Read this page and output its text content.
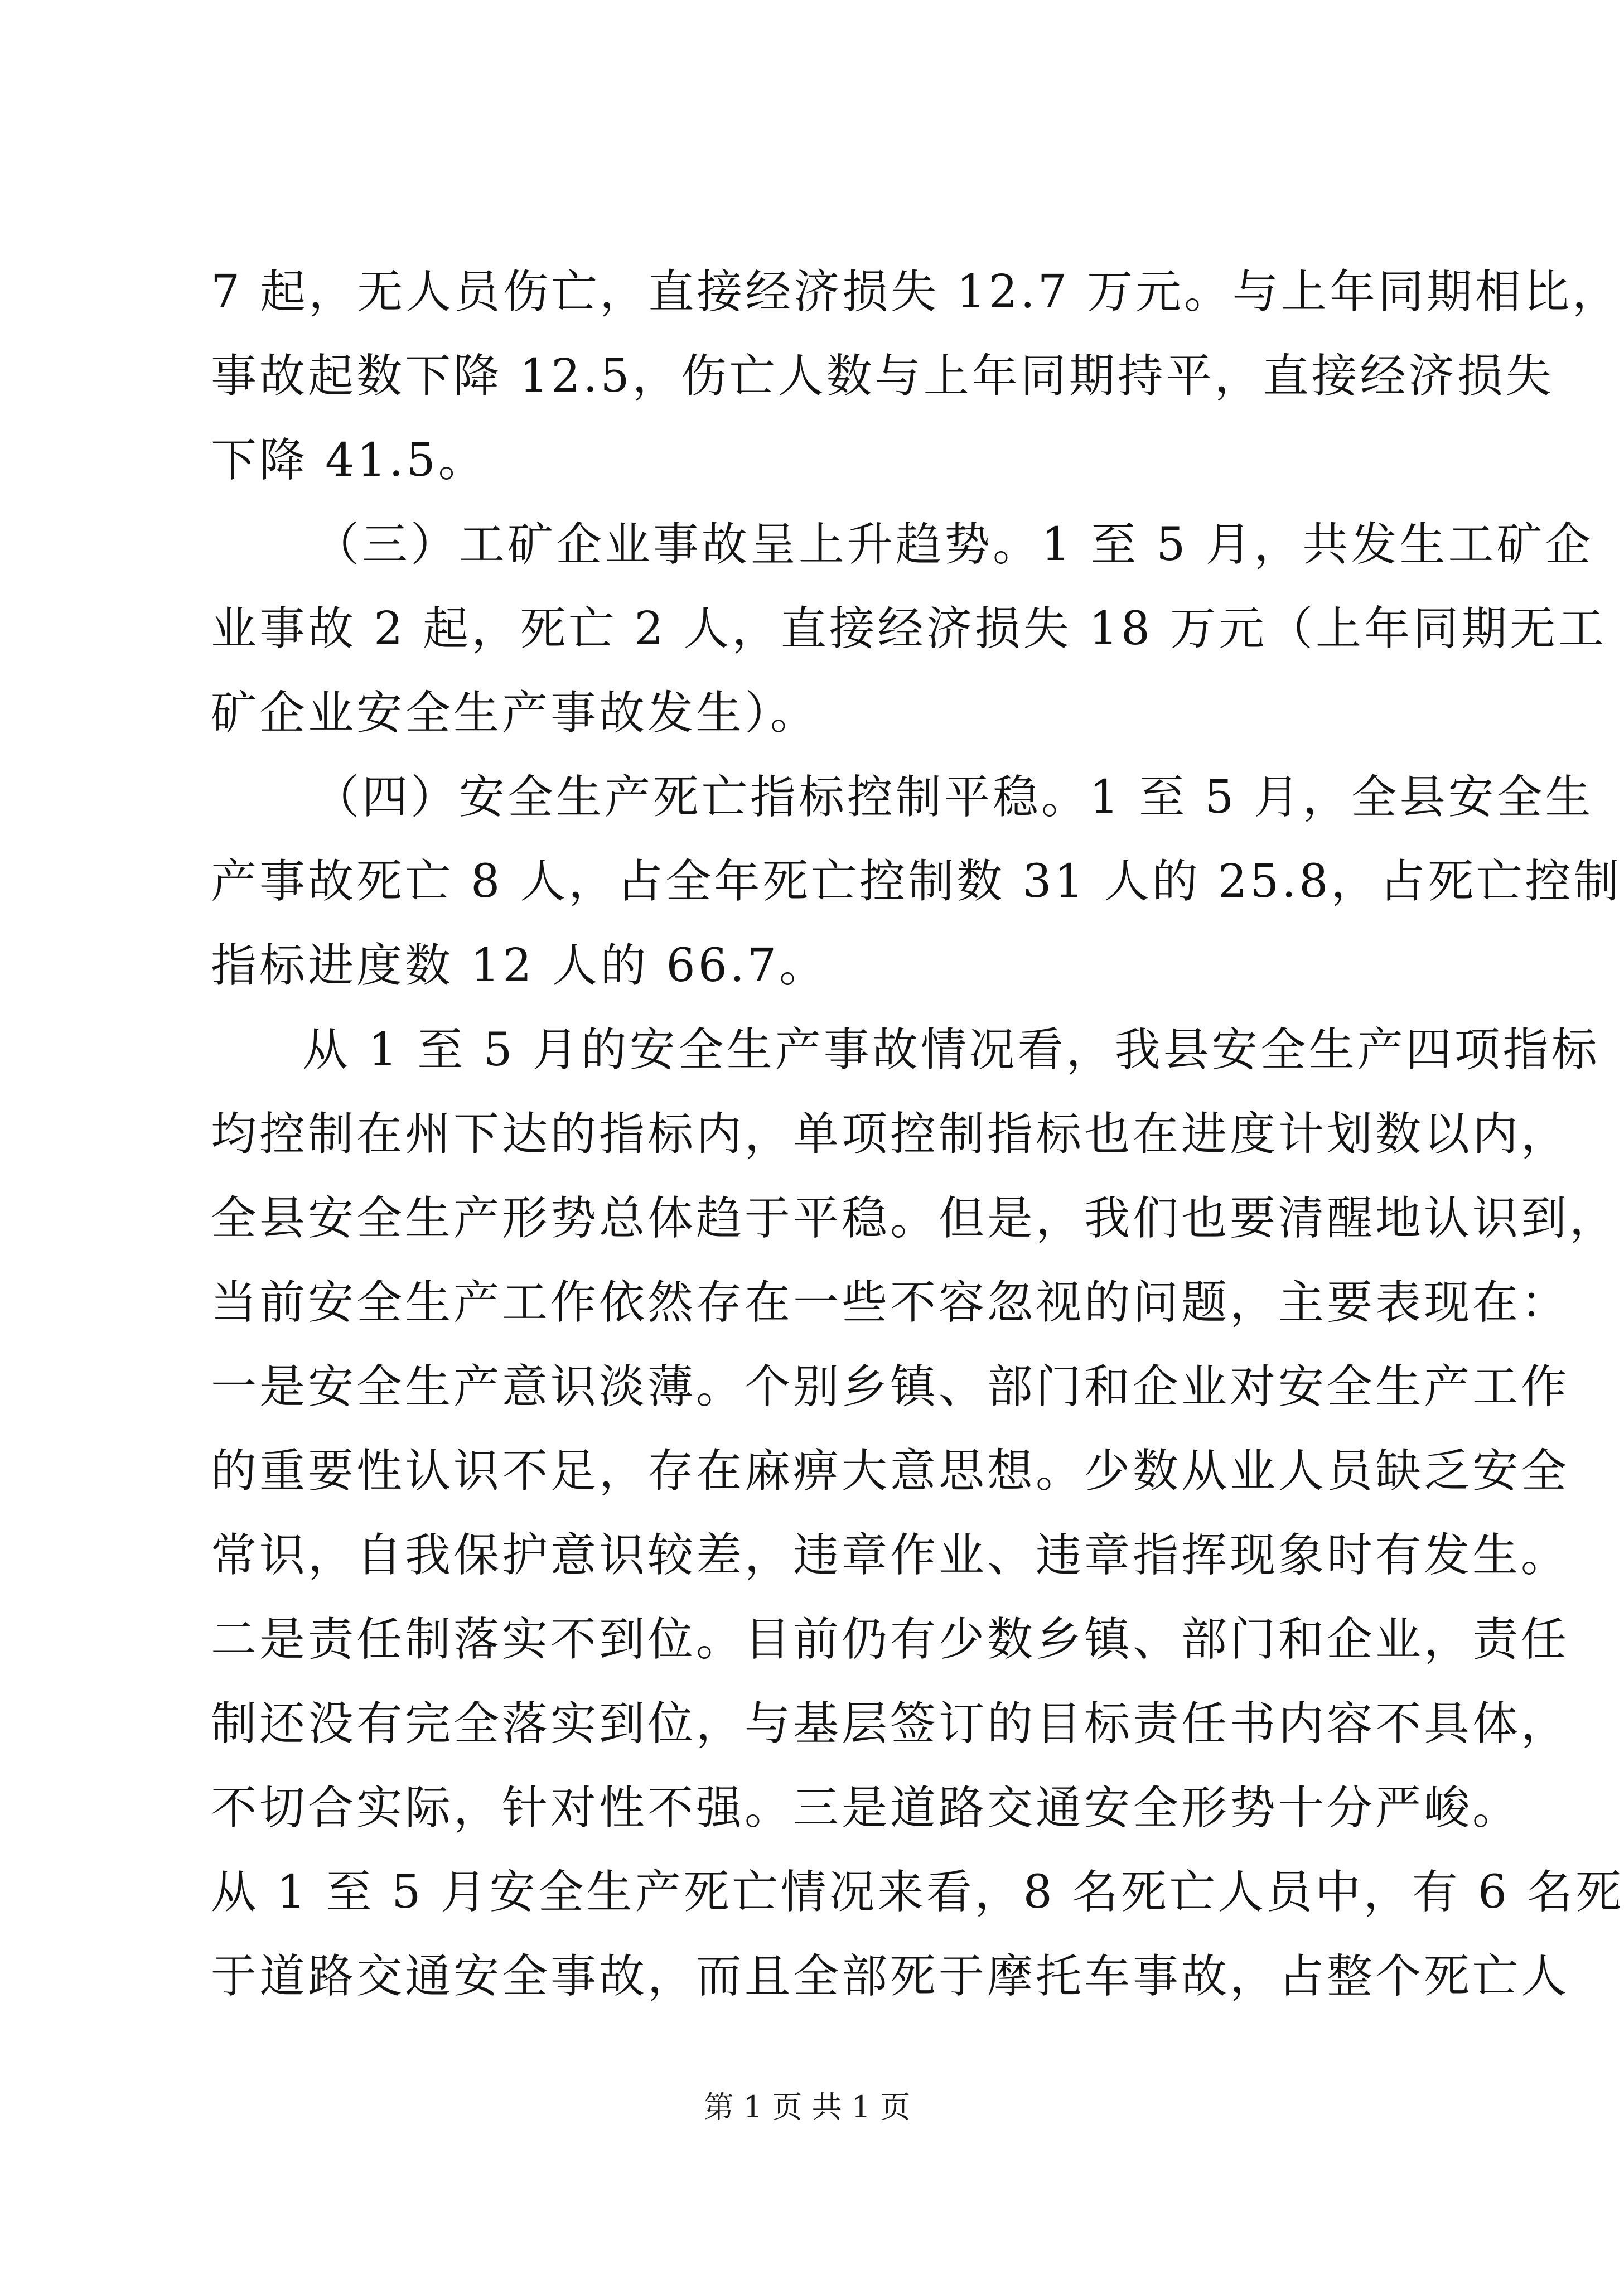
7 起，无人员伤亡，直接经济损失 12.7 万元。与上年同期相比，
事故起数下降 12.5，伤亡人数与上年同期持平，直接经济损失
下降 41.5。
（三）工矿企业事故呈上升趋势。1 至 5 月，共发生工矿企
业事故 2 起，死亡 2 人，直接经济损失 18 万元（上年同期无工
矿企业安全生产事故发生）。
（四）安全生产死亡指标控制平稳。1 至 5 月，全县安全生
产事故死亡 8 人，占全年死亡控制数 31 人的 25.8，占死亡控制
指标进度数 12 人的 66.7。
从 1 至 5 月的安全生产事故情况看，我县安全生产四项指标
均控制在州下达的指标内，单项控制指标也在进度计划数以内，
全县安全生产形势总体趋于平稳。但是，我们也要清醒地认识到，
当前安全生产工作依然存在一些不容忽视的问题，主要表现在：
一是安全生产意识淡薄。个别乡镇、部门和企业对安全生产工作
的重要性认识不足，存在麻痹大意思想。少数从业人员缺乏安全
常识，自我保护意识较差，违章作业、违章指挥现象时有发生。
二是责任制落实不到位。目前仍有少数乡镇、部门和企业，责任
制还没有完全落实到位，与基层签订的目标责任书内容不具体，
不切合实际，针对性不强。三是道路交通安全形势十分严峻。
从 1 至 5 月安全生产死亡情况来看，8 名死亡人员中，有 6 名死
于道路交通安全事故，而且全部死于摩托车事故，占整个死亡人
第 1 页 共 1 页
